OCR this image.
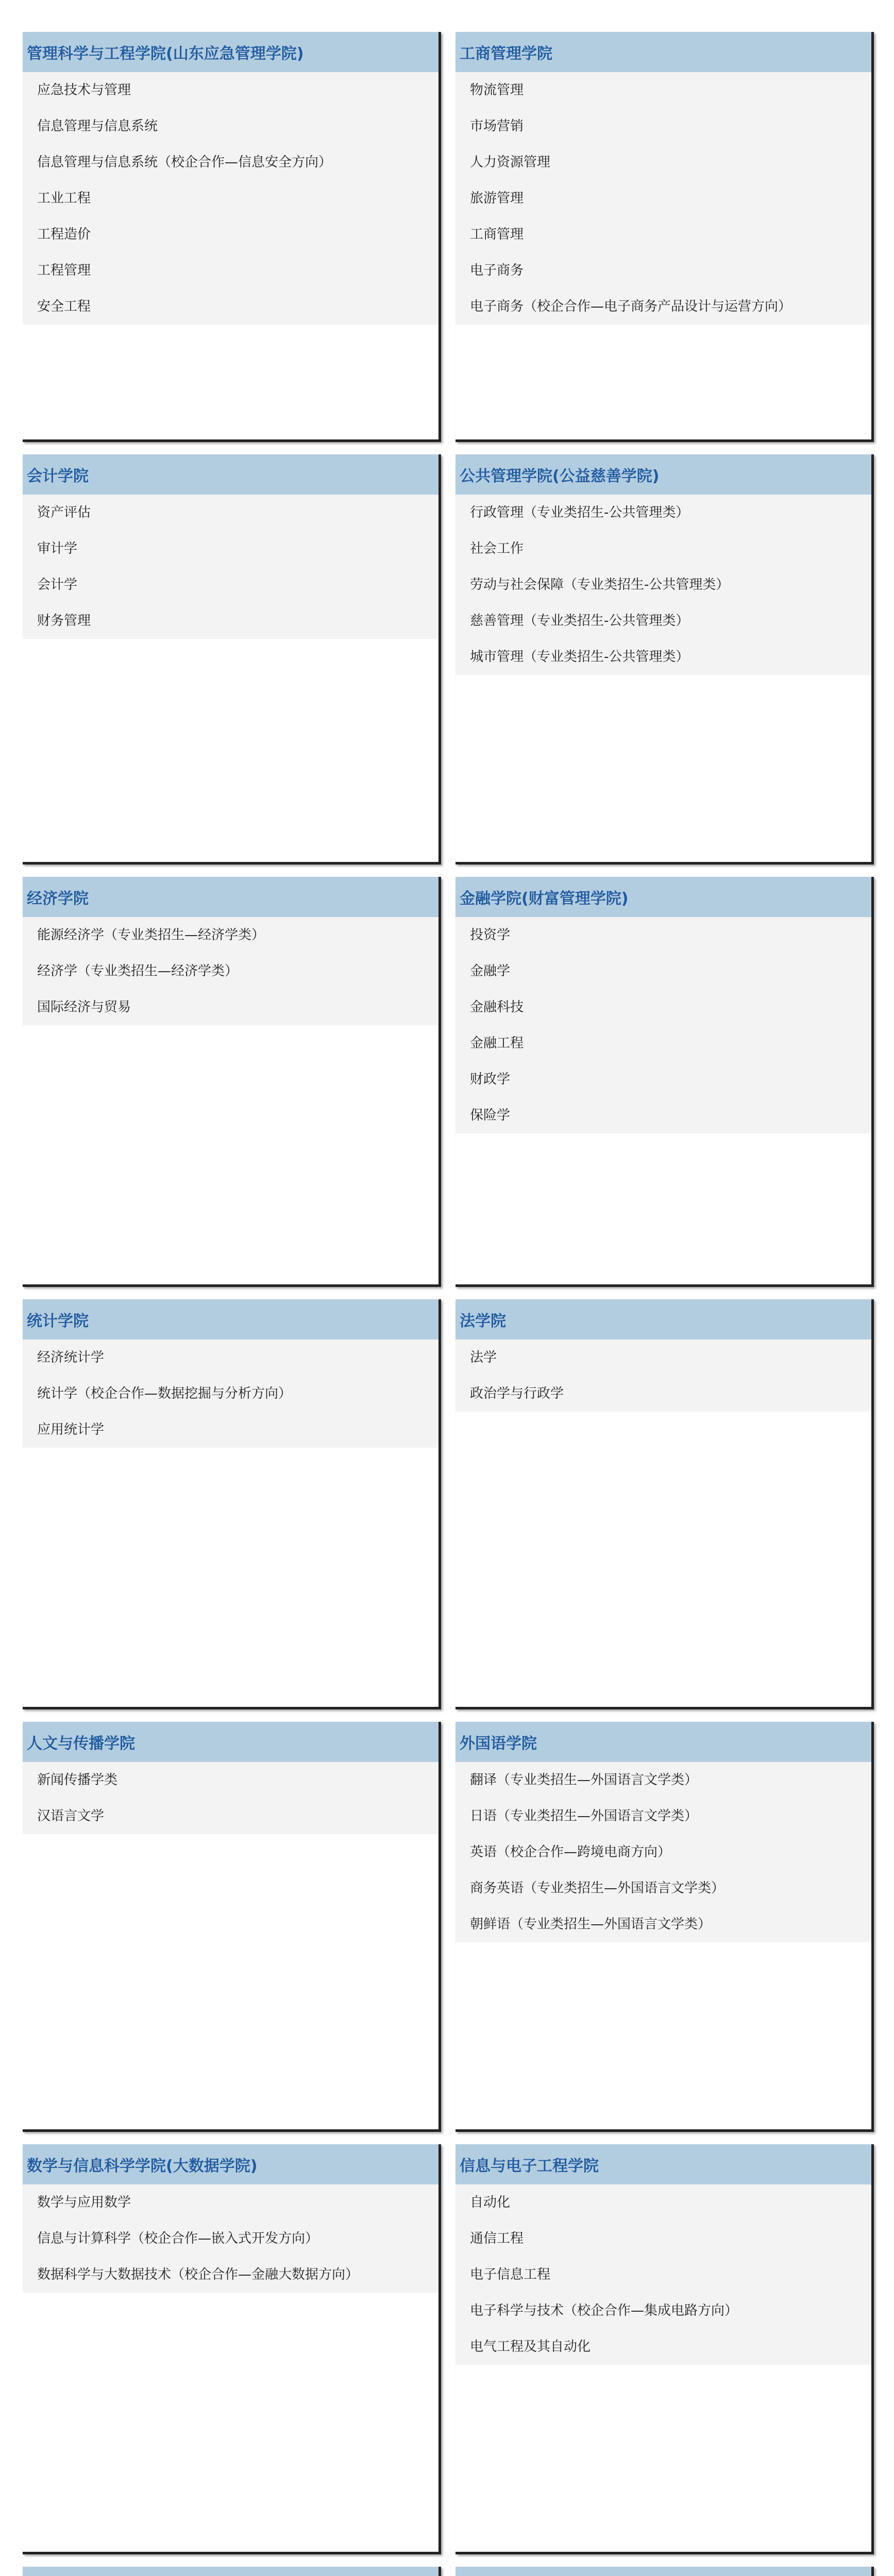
管理科学与工程学院(山东应急管理学院)
应急技术与管理
信息管理与信息系统
信息管理与信息系统（校企合作—信息安全方向）
工业工程
工程造价
工程管理
安全工程
工商管理学院
物流管理
市场营销
人力资源管理
旅游管理
工商管理
电子商务
电子商务（校企合作—电子商务产品设计与运营方向）
会计学院
资产评估
审计学
会计学
财务管理
公共管理学院(公益慈善学院)
行政管理（专业类招生-公共管理类）
社会工作
劳动与社会保障（专业类招生-公共管理类）
慈善管理（专业类招生-公共管理类）
城市管理（专业类招生-公共管理类）
经济学院
能源经济学（专业类招生—经济学类）
经济学（专业类招生—经济学类）
国际经济与贸易
金融学院(财富管理学院)
投资学
金融学
金融科技
金融工程
财政学
保险学
统计学院
经济统计学
统计学（校企合作—数据挖掘与分析方向）
应用统计学
法学院
法学
政治学与行政学
人文与传播学院
新闻传播学类
汉语言文学
外国语学院
翻译（专业类招生—外国语言文学类）
日语（专业类招生—外国语言文学类）
英语（校企合作—跨境电商方向）
商务英语（专业类招生—外国语言文学类）
朝鲜语（专业类招生—外国语言文学类）
数学与信息科学学院(大数据学院)
数学与应用数学
信息与计算科学（校企合作—嵌入式开发方向）
数据科学与大数据技术（校企合作—金融大数据方向）
信息与电子工程学院
自动化
通信工程
电子信息工程
电子科学与技术（校企合作—集成电路方向）
电气工程及其自动化
